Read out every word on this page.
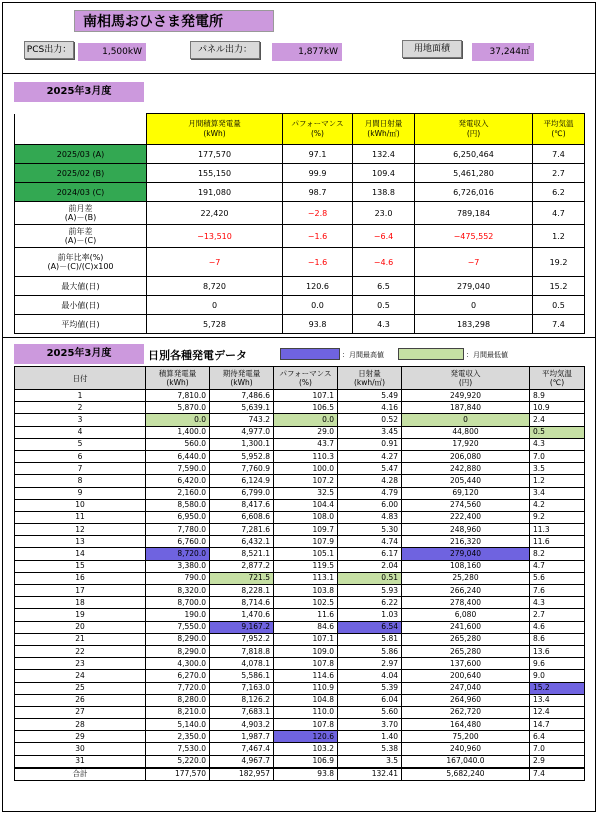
南相馬おひさま発電所
PCS出力：	1,500kW	パネル出力：	1,877kW	用地面積	37,244㎡
2025年3月度
	月間積算発電量
(kWh)	パフォーマンス
(%)	月間日射量
(kWh/㎡)	発電収入
(円)	平均気温
(℃)
2025/03 (A)	177,570	97.1	132.4	6,250,464	7.4
2025/02 (B)	155,150	99.9	109.4	5,461,280	2.7
2024/03 (C)	191,080	98.7	138.8	6,726,016	6.2

前月差
(A)－(B)	22,420	−2.8	23.0	789,184	4.7

前年差
(A)－(C)	−13,510	−1.6	−6.4	−475,552	1.2

前年比率(%)
(A)－(C)/(C)x100	−7	−1.6	−4.6	−7	19.2
最大値(日)	8,720	120.6	6.5	279,040	15.2
最小値(日)	0	0.0	0.5	0	0.5
平均値(日)	5,728	93.8	4.3	183,298	7.4
2025年3月度	日別各種発電データ	：月間最高値	：月間最低値
日付	積算発電量
(kWh)	期待発電量
(kWh)	パフォーマンス
(%)	日射量
(kwh/㎡)	発電収入
(円)	平均気温
(℃)
1	7,810.0	7,486.6	107.1	5.49	249,920	8.9
2	5,870.0	5,639.1	106.5	4.16	187,840	10.9
3	0.0	743.2	0.0	0.52	0	2.4
4	1,400.0	4,977.0	29.0	3.45	44,800	0.5
5	560.0	1,300.1	43.7	0.91	17,920	4.3
6	6,440.0	5,952.8	110.3	4.27	206,080	7.0
7	7,590.0	7,760.9	100.0	5.47	242,880	3.5
8	6,420.0	6,124.9	107.2	4.28	205,440	1.2
9	2,160.0	6,799.0	32.5	4.79	69,120	3.4
10	8,580.0	8,417.6	104.4	6.00	274,560	4.2
11	6,950.0	6,608.6	108.0	4.83	222,400	9.2
12	7,780.0	7,281.6	109.7	5.30	248,960	11.3
13	6,760.0	6,432.1	107.9	4.74	216,320	11.6
14	8,720.0	8,521.1	105.1	6.17	279,040	8.2
15	3,380.0	2,877.2	119.5	2.04	108,160	4.7
16	790.0	721.5	113.1	0.51	25,280	5.6
17	8,320.0	8,228.1	103.8	5.93	266,240	7.6
18	8,700.0	8,714.6	102.5	6.22	278,400	4.3
19	190.0	1,470.6	11.6	1.03	6,080	2.7
20	7,550.0	9,167.2	84.6	6.54	241,600	4.6
21	8,290.0	7,952.2	107.1	5.81	265,280	8.6
22	8,290.0	7,818.8	109.0	5.86	265,280	13.6
23	4,300.0	4,078.1	107.8	2.97	137,600	9.6
24	6,270.0	5,586.1	114.6	4.04	200,640	9.0
25	7,720.0	7,163.0	110.9	5.39	247,040	15.2
26	8,280.0	8,126.2	104.8	6.04	264,960	13.4
27	8,210.0	7,683.1	110.0	5.60	262,720	12.4
28	5,140.0	4,903.2	107.8	3.70	164,480	14.7
29	2,350.0	1,987.7	120.6	1.40	75,200	6.4
30	7,530.0	7,467.4	103.2	5.38	240,960	7.0
31	5,220.0	4,967.7	106.9	3.5	167,040.0	2.9
合計	177,570	182,957	93.8	132.41	5,682,240	7.4
